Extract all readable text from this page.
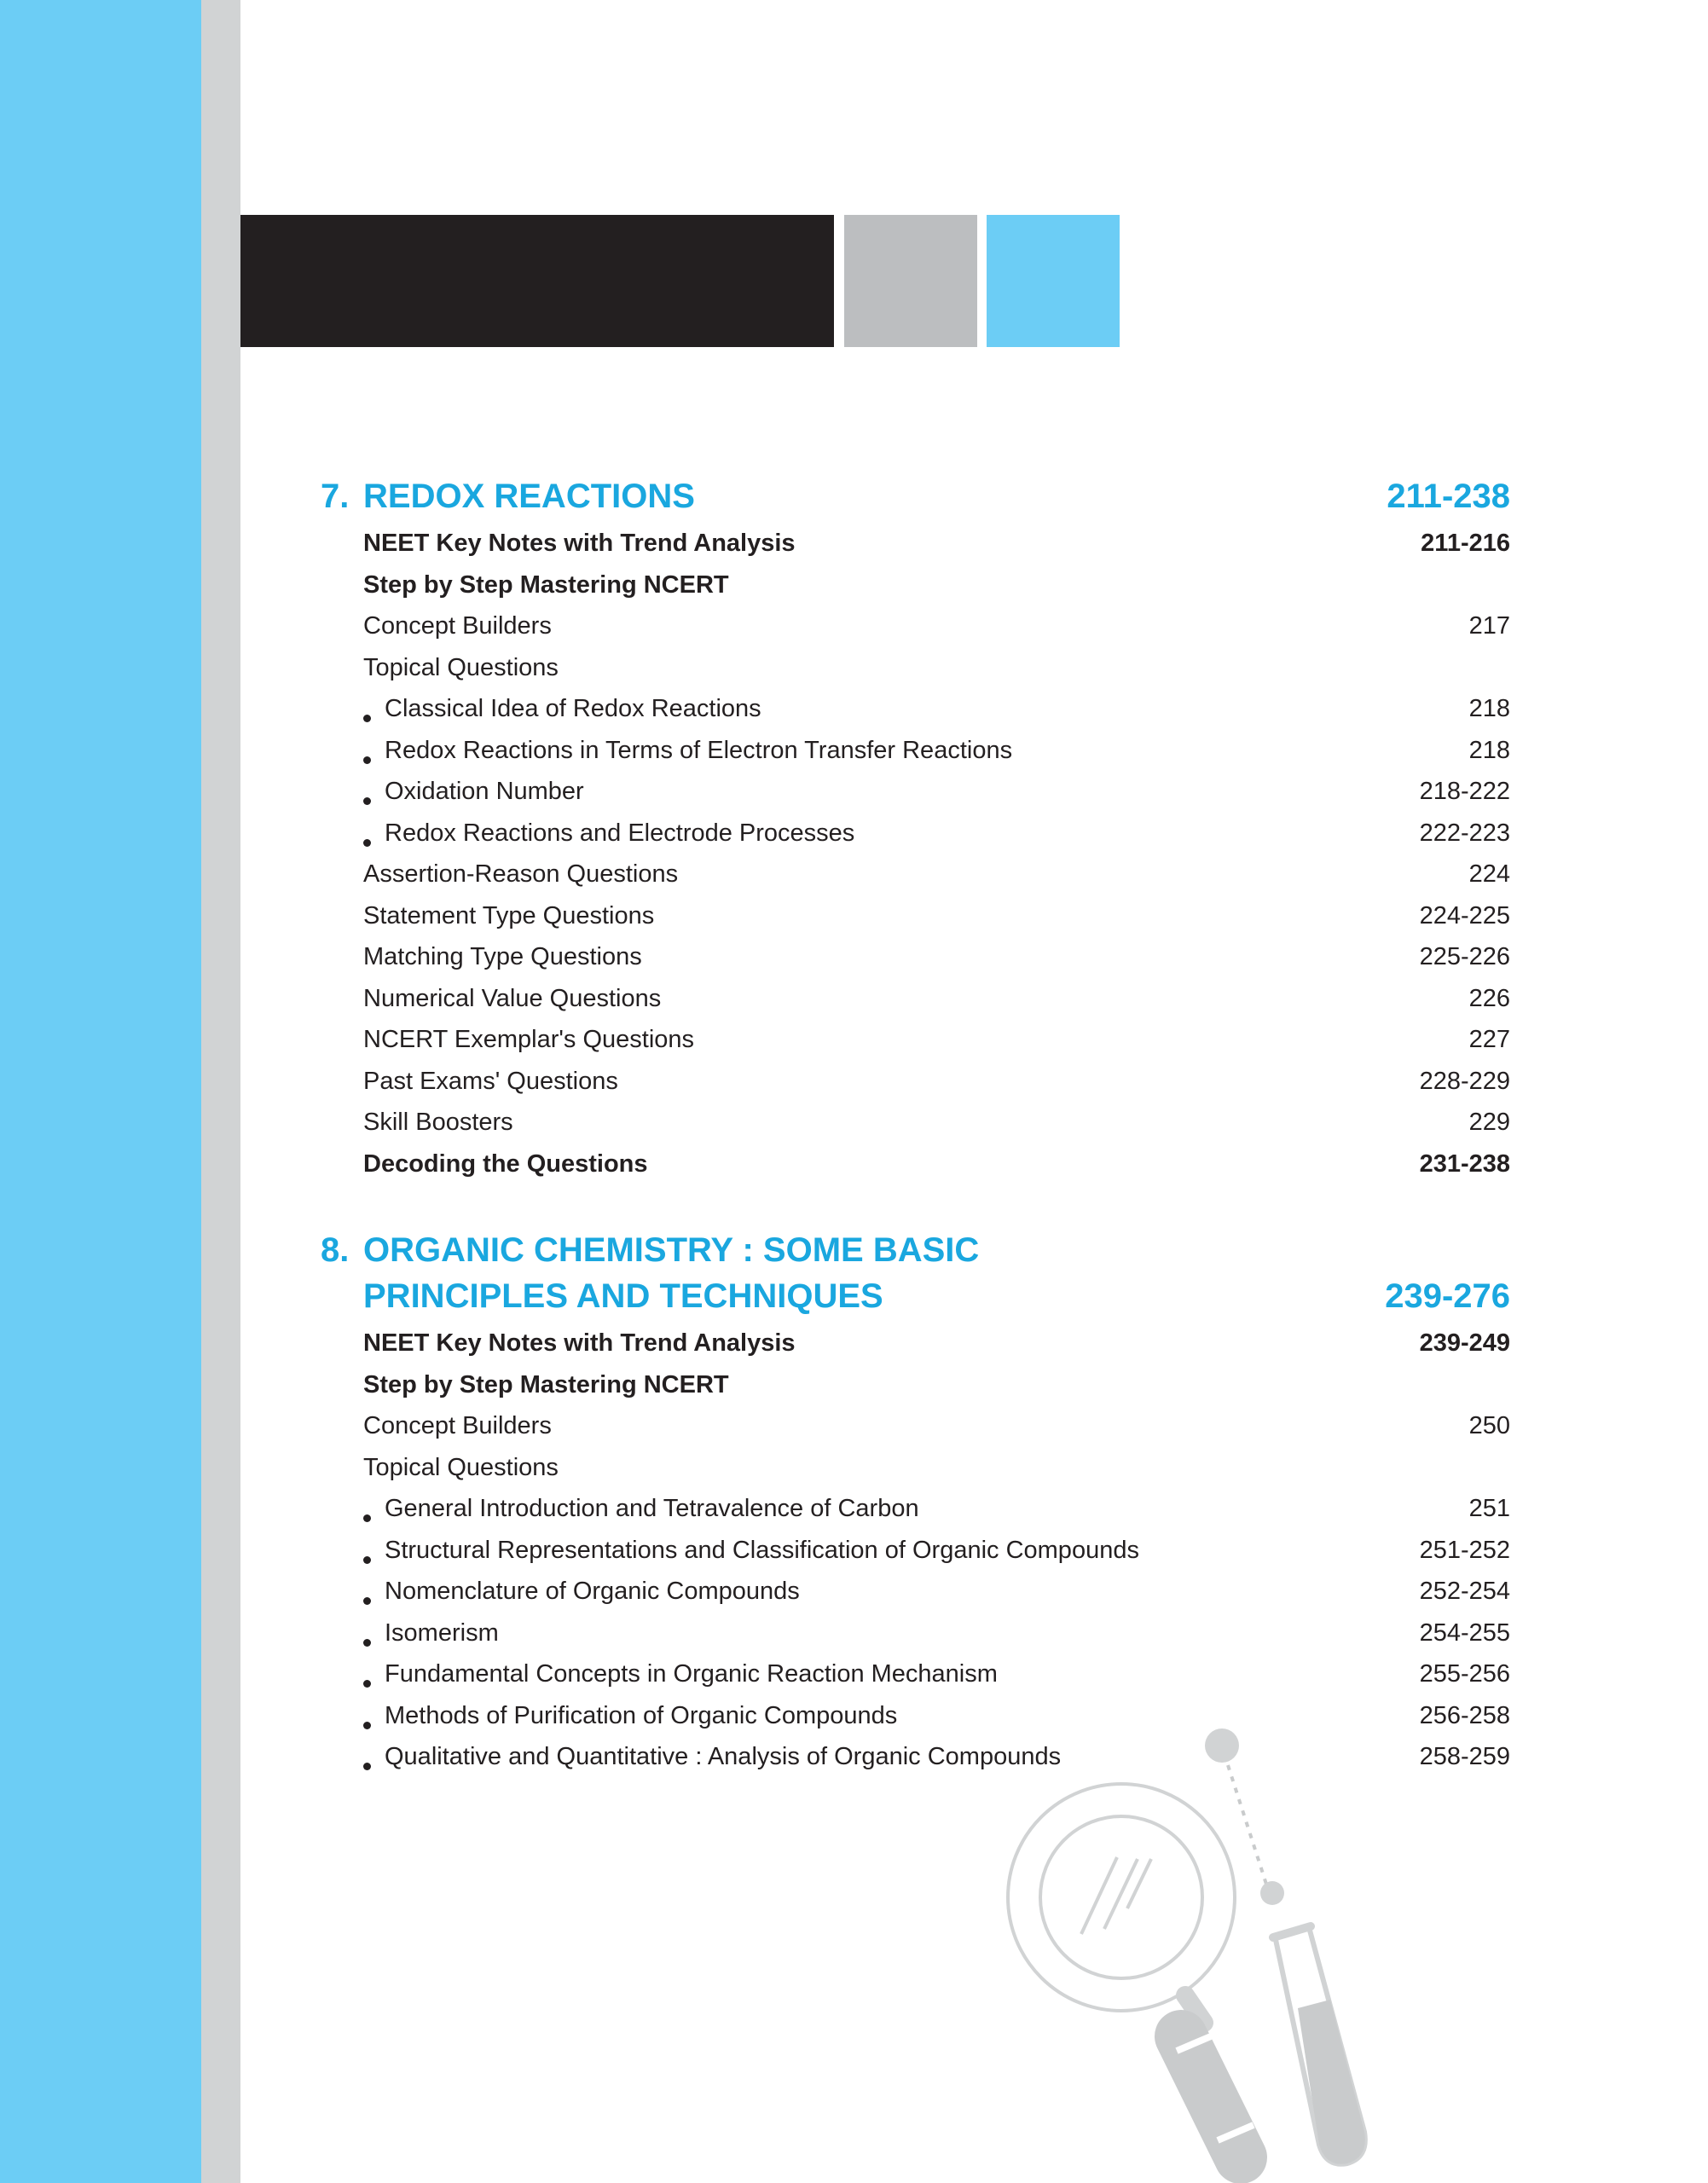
7. REDOX REACTIONS	211-238
NEET Key Notes with Trend Analysis	211-216
Step by Step Mastering NCERT
Concept Builders	217
Topical Questions
Classical Idea of Redox Reactions	218
Redox Reactions in Terms of Electron Transfer Reactions	218
Oxidation Number	218-222
Redox Reactions and Electrode Processes	222-223
Assertion-Reason Questions	224
Statement Type Questions	224-225
Matching Type Questions	225-226
Numerical Value Questions	226
NCERT Exemplar's Questions	227
Past Exams' Questions	228-229
Skill Boosters	229
Decoding the Questions	231-238
8. ORGANIC CHEMISTRY : SOME BASIC
PRINCIPLES AND TECHNIQUES	239-276
NEET Key Notes with Trend Analysis	239-249
Step by Step Mastering NCERT
Concept Builders	250
Topical Questions
General Introduction and Tetravalence of Carbon	251
Structural Representations and Classification of Organic Compounds	251-252
Nomenclature of Organic Compounds	252-254
Isomerism	254-255
Fundamental Concepts in Organic Reaction Mechanism	255-256
Methods of Purification of Organic Compounds	256-258
Qualitative and Quantitative : Analysis of Organic Compounds	258-259
